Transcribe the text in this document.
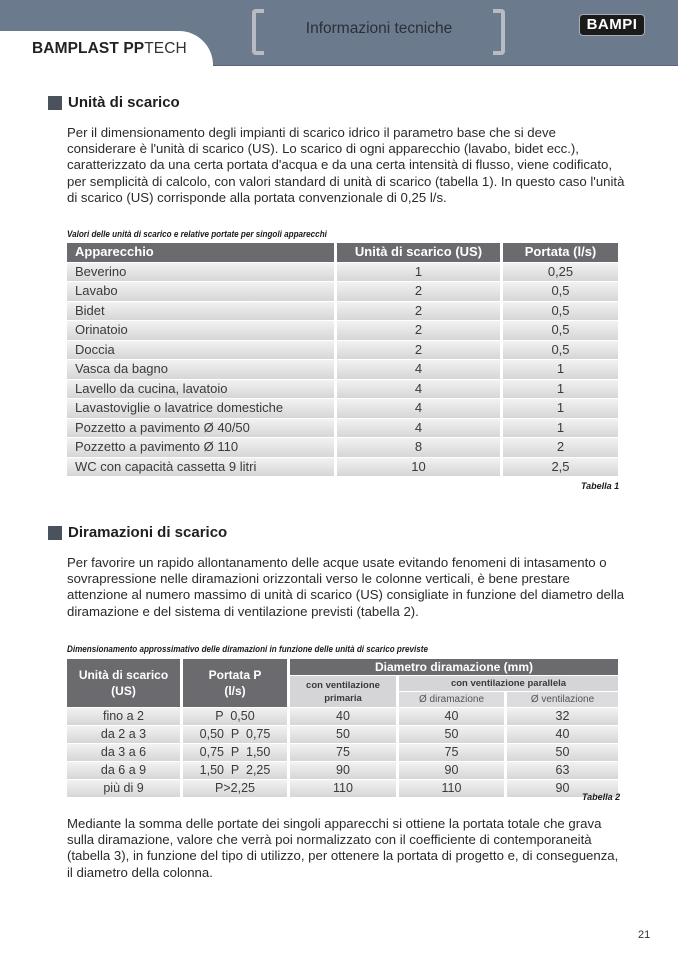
Informazioni tecniche	BAMPI
BAMPLAST PPTECH
Unità di scarico
Per il dimensionamento degli impianti di scarico idrico il parametro base che si deve considerare è l'unità di scarico (US). Lo scarico di ogni apparecchio (lavabo, bidet ecc.), caratterizzato da una certa portata d'acqua e da una certa intensità di flusso, viene codificato, per semplicità di calcolo, con valori standard di unità di scarico (tabella 1). In questo caso l'unità di scarico (US) corrisponde alla portata convenzionale di 0,25 l/s.
Valori delle unità di scarico e relative portate per singoli apparecchi
Apparecchio	Unità di scarico (US)	Portata (l/s)
Beverino	1	0,25
Lavabo	2	0,5
Bidet	2	0,5
Orinatoio	2	0,5
Doccia	2	0,5
Vasca da bagno	4	1
Lavello da cucina, lavatoio	4	1
Lavastoviglie o lavatrice domestiche	4	1
Pozzetto a pavimento Ø 40/50	4	1
Pozzetto a pavimento Ø 110	8	2
WC con capacità cassetta 9 litri	10	2,5
Tabella 1
Diramazioni di scarico
Per favorire un rapido allontanamento delle acque usate evitando fenomeni di intasamento o sovrapressione nelle diramazioni orizzontali verso le colonne verticali, è bene prestare attenzione al numero massimo di unità di scarico (US) consigliate in funzione del diametro della diramazione e del sistema di ventilazione previsti (tabella 2).
Dimensionamento approssimativo delle diramazioni in funzione delle unità di scarico previste
Unità di scarico
(US)
Portata P
(l/s)
Diametro diramazione (mm)
con ventilazione
primaria
con ventilazione parallela
Ø diramazione	Ø ventilazione
fino a 2	P  0,50	40	40	32
da 2 a 3	0,50  P  0,75	50	50	40
da 3 a 6	0,75  P  1,50	75	75	50
da 6 a 9	1,50  P  2,25	90	90	63
più di 9	P>2,25	110	110	90
Tabella 2
Mediante la somma delle portate dei singoli apparecchi si ottiene la portata totale che grava sulla diramazione, valore che verrà poi normalizzato con il coefficiente di contemporaneità (tabella 3), in funzione del tipo di utilizzo, per ottenere la portata di progetto e, di conseguenza, il diametro della colonna.
21
